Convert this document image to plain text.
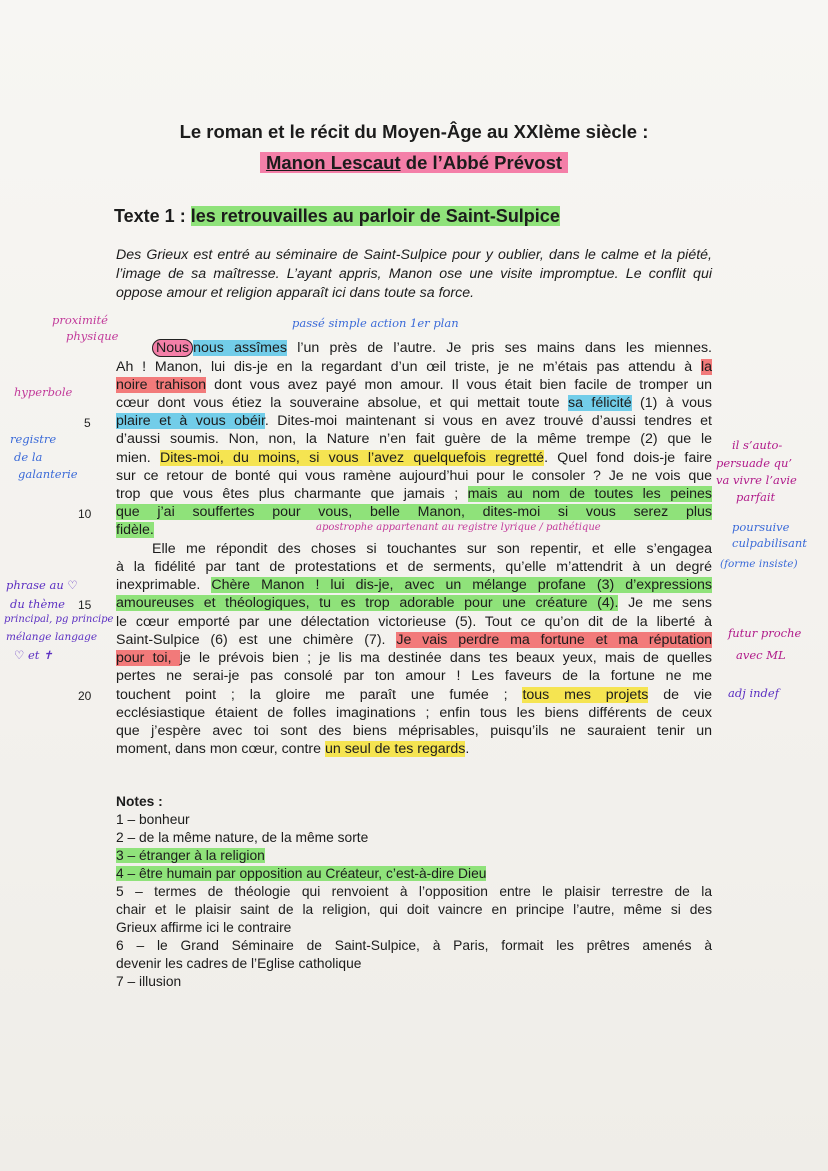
Le roman et le récit du Moyen-Âge au XXIème siècle :
Manon Lescaut de l’Abbé Prévost
Texte 1 : les retrouvailles au parloir de Saint-Sulpice
Des Grieux est entré au séminaire de Saint-Sulpice pour y oublier, dans le calme et la piété, l’image de sa maîtresse. L’ayant appris, Manon ose une visite impromptue. Le conflit qui oppose amour et religion apparaît ici dans toute sa force.
Nous nous assîmes l’un près de l’autre. Je pris ses mains dans les miennes.
Ah ! Manon, lui dis-je en la regardant d’un œil triste, je ne m’étais pas attendu à la
noire trahison dont vous avez payé mon amour. Il vous était bien facile de tromper un
cœur dont vous étiez la souveraine absolue, et qui mettait toute sa félicité (1) à vous
plaire et à vous obéir. Dites-moi maintenant si vous en avez trouvé d’aussi tendres et
d’aussi soumis. Non, non, la Nature n’en fait guère de la même trempe (2) que le
mien. Dites-moi, du moins, si vous l’avez quelquefois regretté. Quel fond dois-je faire
sur ce retour de bonté qui vous ramène aujourd’hui pour le consoler ? Je ne vois que
trop que vous êtes plus charmante que jamais ; mais au nom de toutes les peines
que j’ai souffertes pour vous, belle Manon, dites-moi si vous serez plus
fidèle.
Elle me répondit des choses si touchantes sur son repentir, et elle s’engagea
à la fidélité par tant de protestations et de serments, qu’elle m’attendrit à un degré
inexprimable. Chère Manon ! lui dis-je, avec un mélange profane (3) d’expressions
amoureuses et théologiques, tu es trop adorable pour une créature (4). Je me sens
le cœur emporté par une délectation victorieuse (5). Tout ce qu’on dit de la liberté à
Saint-Sulpice (6) est une chimère (7). Je vais perdre ma fortune et ma réputation
pour toi, je le prévois bien ; je lis ma destinée dans tes beaux yeux, mais de quelles
pertes ne serai-je pas consolé par ton amour ! Les faveurs de la fortune ne me
touchent point ; la gloire me paraît une fumée ; tous mes projets de vie
ecclésiastique étaient de folles imaginations ; enfin tous les biens différents de ceux
que j’espère avec toi sont des biens méprisables, puisqu’ils ne sauraient tenir un
moment, dans mon cœur, contre un seul de tes regards.
5
10
15
20
Notes :
1 – bonheur
2 – de la même nature, de la même sorte
3 – étranger à la religion
4 – être humain par opposition au Créateur, c’est-à-dire Dieu
5 – termes de théologie qui renvoient à l’opposition entre le plaisir terrestre de la
chair et le plaisir saint de la religion, qui doit vaincre en principe l’autre, même si des
Grieux affirme ici le contraire
6 – le Grand Séminaire de Saint-Sulpice, à Paris, formait les prêtres amenés à
devenir les cadres de l’Eglise catholique
7 – illusion
proximité
physique
passé simple action 1er plan
hyperbole
registre
de la
galanterie
il s’auto-
persuade qu’
va vivre l’avie
parfait
apostrophe appartenant au registre lyrique / pathétique	poursuive
culpabilisant
(forme insiste)
phrase au ♡
du thème
principal, pg principe
mélange langage
♡ et ✝
futur proche
avec ML
adj indef
